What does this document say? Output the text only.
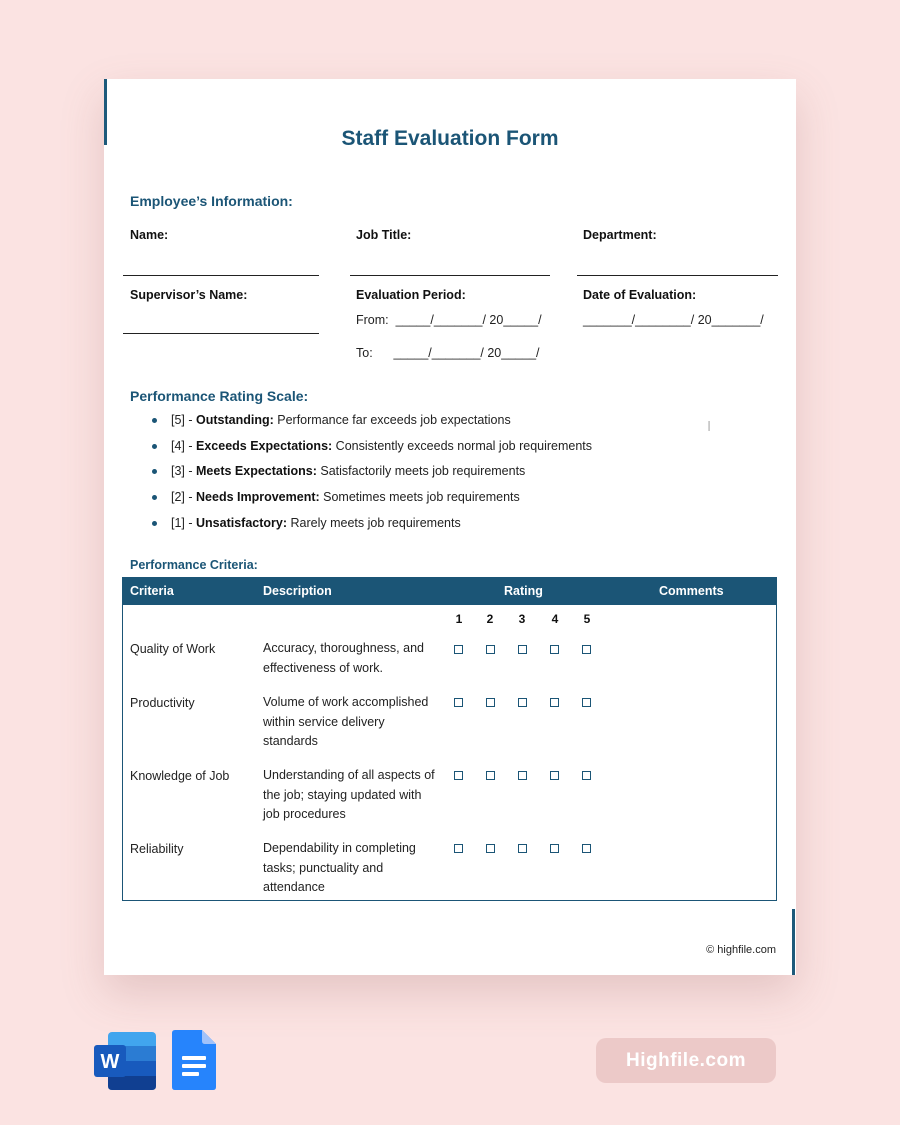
Staff Evaluation Form
Employee’s Information:
Name:	Job Title:	Department:
Supervisor’s Name:	Evaluation Period:	Date of Evaluation:
From:  _____/_______/ 20_____/	_______/________/ 20_______/
To:      _____/_______/ 20_____/
Performance Rating Scale:
[5] - Outstanding: Performance far exceeds job expectations
[4] - Exceeds Expectations: Consistently exceeds normal job requirements
[3] - Meets Expectations: Satisfactorily meets job requirements
[2] - Needs Improvement: Sometimes meets job requirements
[1] - Unsatisfactory: Rarely meets job requirements
Performance Criteria:
Criteria	Description	Rating	Comments
1	2	3	4	5
Quality of Work	Accuracy, thoroughness, and effectiveness of work.
Productivity	Volume of work accomplished within service delivery standards
Knowledge of Job	Understanding of all aspects of the job; staying updated with job procedures
Reliability	Dependability in completing tasks; punctuality and attendance
© highfile.com
I
W	Highfile.com
